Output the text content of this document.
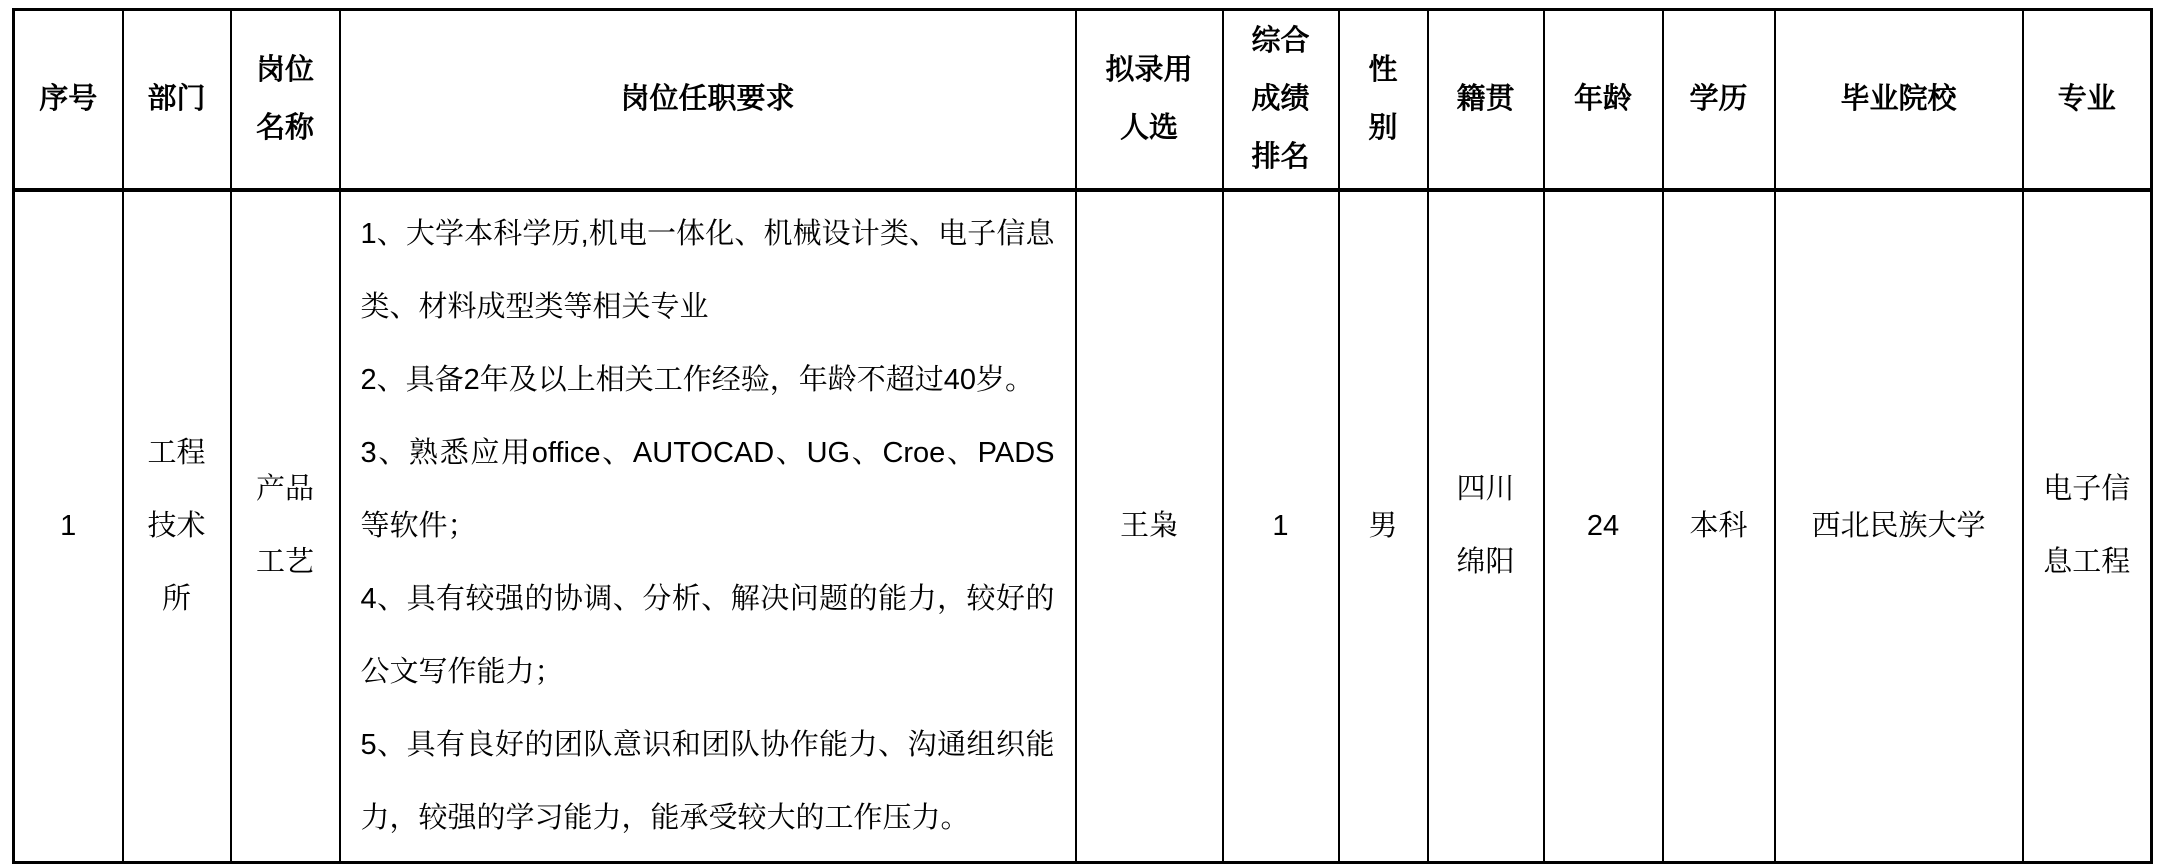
序号	部门	岗位名称	岗位任职要求	拟录用人选	综合成绩排名	性别	籍贯	年龄	学历	毕业院校	专业
1	工程技术所	产品工艺	1、大学本科学历,机电一体化、机械设计类、电子信息类、材料成型类等相关专业

2、具备2年及以上相关工作经验，年龄不超过40岁。

3、熟悉应用office、AUTOCAD、UG、Croe、PADS等软件；

4、具有较强的协调、分析、解决问题的能力，较好的公文写作能力；

5、具有良好的团队意识和团队协作能力、沟通组织能力，较强的学习能力，能承受较大的工作压力。	王枭	1	男	四川绵阳	24	本科	西北民族大学	电子信息工程
